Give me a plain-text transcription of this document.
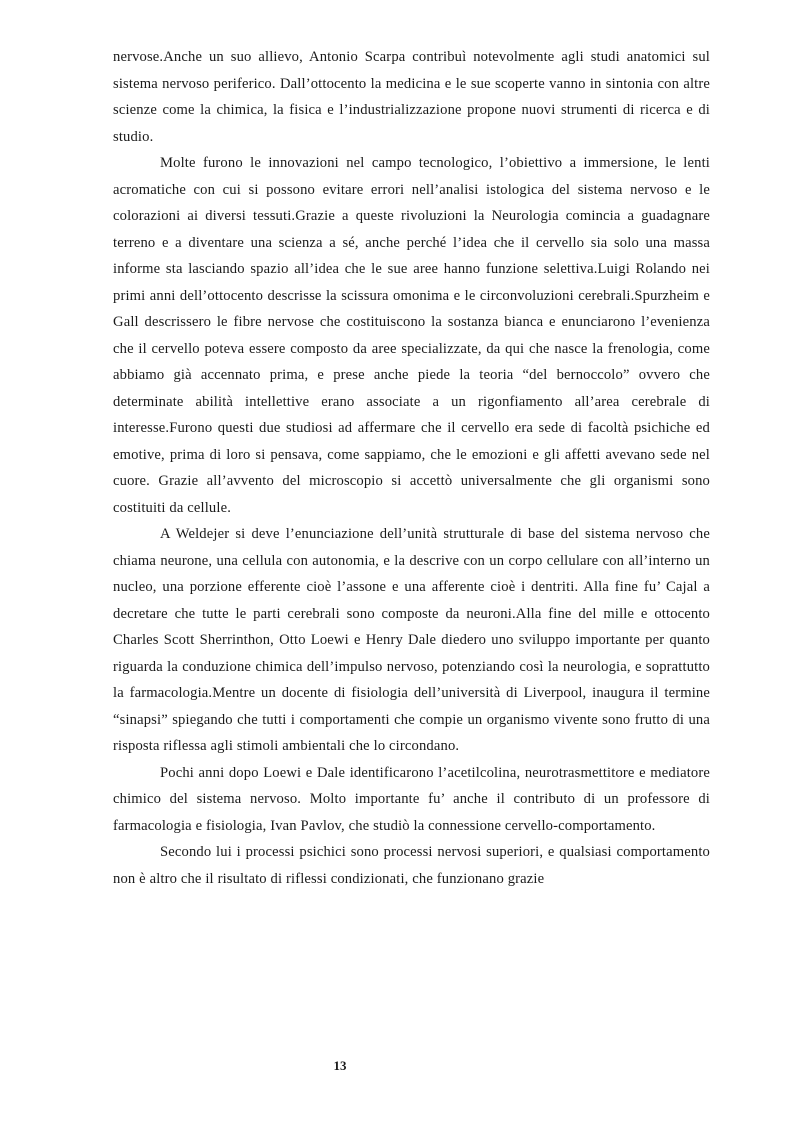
nervose.Anche un suo allievo, Antonio Scarpa contribuì notevolmente agli studi anatomici sul sistema nervoso periferico. Dall’ottocento la medicina e le sue scoperte vanno in sintonia con altre scienze come la chimica, la fisica e l’industrializzazione propone nuovi strumenti di ricerca e di studio.

Molte furono le innovazioni nel campo tecnologico, l’obiettivo a immersione, le lenti acromatiche con cui si possono evitare errori nell’analisi istologica del sistema nervoso e le colorazioni ai diversi tessuti.Grazie a queste rivoluzioni la Neurologia comincia a guadagnare terreno e a diventare una scienza a sé, anche perché l’idea che il cervello sia solo una massa informe sta lasciando spazio all’idea che le sue aree hanno funzione selettiva.Luigi Rolando nei primi anni dell’ottocento descrisse la scissura omonima e le circonvoluzioni cerebrali.Spurzheim e Gall descrissero le fibre nervose che costituiscono la sostanza bianca e enunciarono l’evenienza che il cervello poteva essere composto da aree specializzate, da qui che nasce la frenologia, come abbiamo già accennato prima, e prese anche piede la teoria “del bernoccolo” ovvero che determinate abilità intellettive erano associate a un rigonfiamento all’area cerebrale di interesse.Furono questi due studiosi ad affermare che il cervello era sede di facoltà psichiche ed emotive, prima di loro si pensava, come sappiamo, che le emozioni e gli affetti avevano sede nel cuore. Grazie all’avvento del microscopio si accettò universalmente che gli organismi sono costituiti da cellule.

A Weldejer si deve l’enunciazione dell’unità strutturale di base del sistema nervoso che chiama neurone, una cellula con autonomia, e la descrive con un corpo cellulare con all’interno un nucleo, una porzione efferente cioè l’assone e una afferente cioè i dentriti. Alla fine fu’ Cajal a decretare che tutte le parti cerebrali sono composte da neuroni.Alla fine del mille e ottocento Charles Scott Sherrinthon, Otto Loewi e Henry Dale diedero uno sviluppo importante per quanto riguarda la conduzione chimica dell’impulso nervoso, potenziando così la neurologia, e soprattutto la farmacologia.Mentre un docente di fisiologia dell’università di Liverpool, inaugura il termine “sinapsi” spiegando che tutti i comportamenti che compie un organismo vivente sono frutto di una risposta riflessa agli stimoli ambientali che lo circondano.

Pochi anni dopo Loewi e Dale identificarono l’acetilcolina, neurotrasmettitore e mediatore chimico del sistema nervoso. Molto importante fu’ anche il contributo di un professore di farmacologia e fisiologia, Ivan Pavlov, che studiò la connessione cervello-comportamento.

Secondo lui i processi psichici sono processi nervosi superiori, e qualsiasi comportamento non è altro che il risultato di riflessi condizionati, che funzionano grazie

13
